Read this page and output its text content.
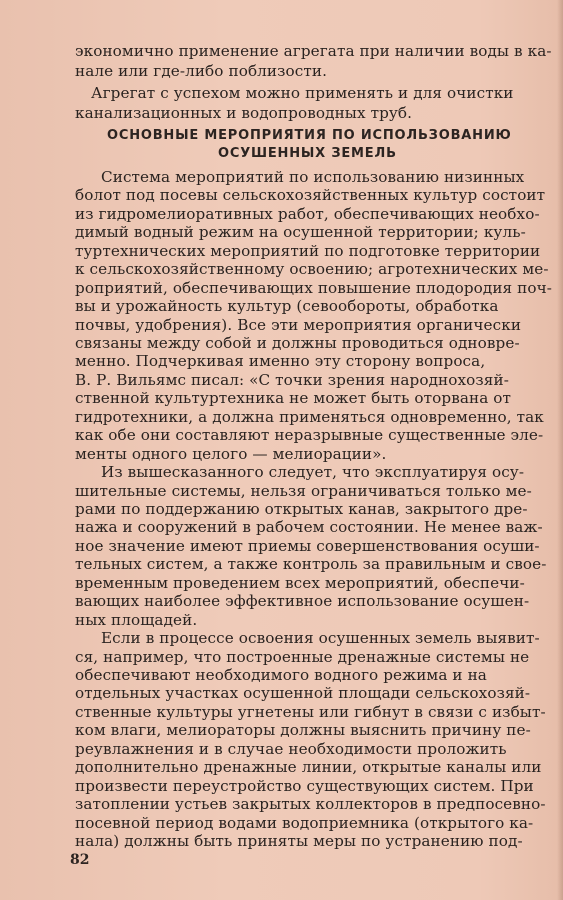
экономично применение агрегата при наличии воды в ка-
нале или где-либо поблизости.
Агрегат с успехом можно применять и для очистки
канализационных и водопроводных труб.
ОСНОВНЫЕ МЕРОПРИЯТИЯ ПО ИСПОЛЬЗОВАНИЮ
ОСУШЕННЫХ ЗЕМЕЛЬ
Система мероприятий по использованию низинных
болот под посевы сельскохозяйственных культур состоит
из гидромелиоративных работ, обеспечивающих необхо-
димый водный режим на осушенной территории; куль-
туртехнических мероприятий по подготовке территории
к сельскохозяйственному освоению; агротехнических ме-
роприятий, обеспечивающих повышение плодородия поч-
вы и урожайность культур (севообороты, обработка
почвы, удобрения). Все эти мероприятия органически
связаны между собой и должны проводиться одновре-
менно. Подчеркивая именно эту сторону вопроса,
В. Р. Вильямс писал: «С точки зрения народнохозяй-
ственной культуртехника не может быть оторвана от
гидротехники, а должна применяться одновременно, так
как обе они составляют неразрывные существенные эле-
менты одного целого — мелиорации».
Из вышесказанного следует, что эксплуатируя осу-
шительные системы, нельзя ограничиваться только ме-
рами по поддержанию открытых канав, закрытого дре-
нажа и сооружений в рабочем состоянии. Не менее важ-
ное значение имеют приемы совершенствования осуши-
тельных систем, а также контроль за правильным и свое-
временным проведением всех мероприятий, обеспечи-
вающих наиболее эффективное использование осушен-
ных площадей.
Если в процессе освоения осушенных земель выявит-
ся, например, что построенные дренажные системы не
обеспечивают необходимого водного режима и на
отдельных участках осушенной площади сельскохозяй-
ственные культуры угнетены или гибнут в связи с избыт-
ком влаги, мелиораторы должны выяснить причину пе-
реувлажнения и в случае необходимости проложить
дополнительно дренажные линии, открытые каналы или
произвести переустройство существующих систем. При
затоплении устьев закрытых коллекторов в предпосевно-
посевной период водами водоприемника (открытого ка-
нала) должны быть приняты меры по устранению под-
82
